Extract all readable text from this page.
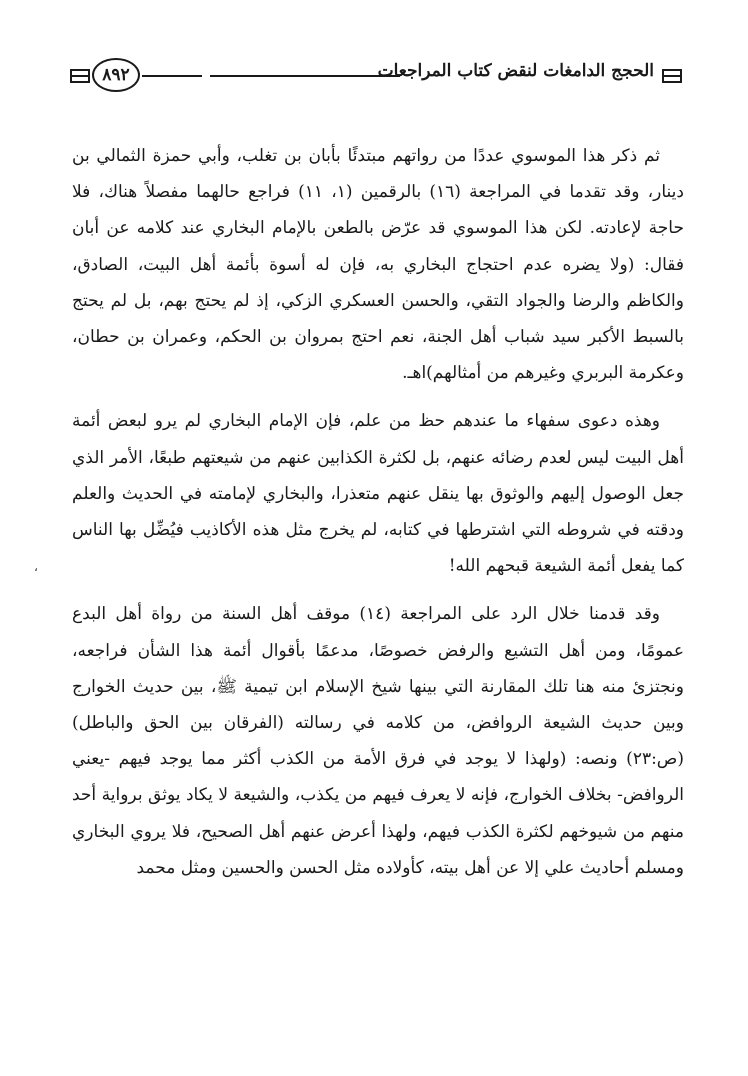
٨٩٢	الحجج الدامغات لنقض كتاب المراجعات

ثم ذكر هذا الموسوي عددًا من رواتهم مبتدئًا بأبان بن تغلب، وأبي حمزة الثمالي بن دينار، وقد تقدما في المراجعة (١٦) بالرقمين (١، ١١) فراجع حالهما مفصلاً هناك، فلا حاجة لإعادته. لكن هذا الموسوي قد عرّض بالطعن بالإمام البخاري عند كلامه عن أبان فقال: (ولا يضره عدم احتجاج البخاري به، فإن له أسوة بأئمة أهل البيت، الصادق، والكاظم والرضا والجواد التقي، والحسن العسكري الزكي، إذ لم يحتج بهم، بل لم يحتج بالسبط الأكبر سيد شباب أهل الجنة، نعم احتج بمروان بن الحكم، وعمران بن حطان، وعكرمة البربري وغيرهم من أمثالهم)اهـ.

وهذه دعوى سفهاء ما عندهم حظ من علم، فإن الإمام البخاري لم يرو لبعض أئمة أهل البيت ليس لعدم رضائه عنهم، بل لكثرة الكذابين عنهم من شيعتهم طبعًا، الأمر الذي جعل الوصول إليهم والوثوق بها ينقل عنهم متعذرا، والبخاري لإمامته في الحديث والعلم ودقته في شروطه التي اشترطها في كتابه، لم يخرج مثل هذه الأكاذيب فيُضِّل بها الناس كما يفعل أئمة الشيعة قبحهم الله!

وقد قدمنا خلال الرد على المراجعة (١٤) موقف أهل السنة من رواة أهل البدع عمومًا، ومن أهل التشيع والرفض خصوصًا، مدعمًا بأقوال أئمة هذا الشأن فراجعه، ونجتزئ منه هنا تلك المقارنة التي بينها شيخ الإسلام ابن تيمية ﷺ، بين حديث الخوارج وبين حديث الشيعة الروافض، من كلامه في رسالته (الفرقان بين الحق والباطل) (ص:٢٣) ونصه: (ولهذا لا يوجد في فرق الأمة من الكذب أكثر مما يوجد فيهم -يعني الروافض- بخلاف الخوارج، فإنه لا يعرف فيهم من يكذب، والشيعة لا يكاد يوثق برواية أحد منهم من شيوخهم لكثرة الكذب فيهم، ولهذا أعرض عنهم أهل الصحيح، فلا يروي البخاري ومسلم أحاديث علي إلا عن أهل بيته، كأولاده مثل الحسن والحسين ومثل محمد

،
